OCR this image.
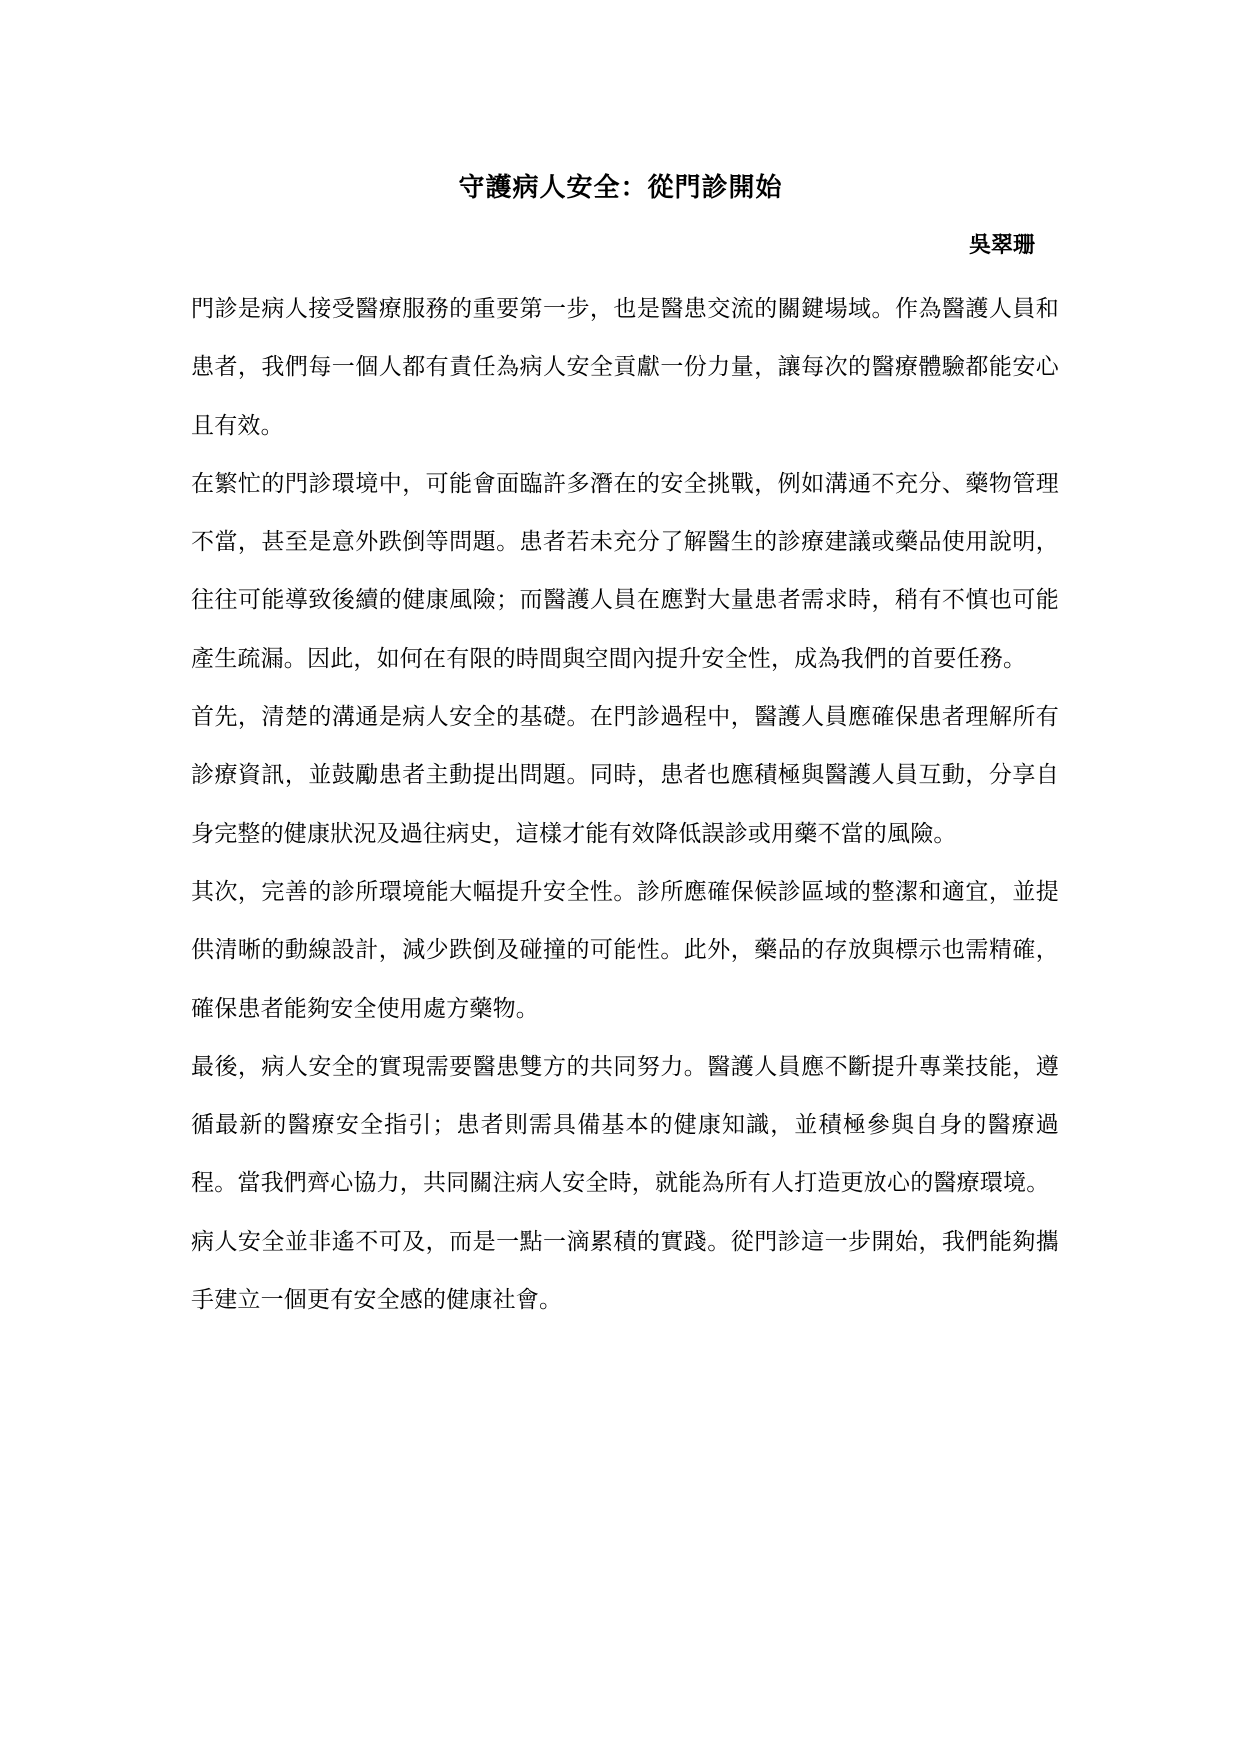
守護病人安全：從門診開始
吳翠珊

門診是病人接受醫療服務的重要第一步，也是醫患交流的關鍵場域。作為醫護人員和患者，我們每一個人都有責任為病人安全貢獻一份力量，讓每次的醫療體驗都能安心且有效。

在繁忙的門診環境中，可能會面臨許多潛在的安全挑戰，例如溝通不充分、藥物管理不當，甚至是意外跌倒等問題。患者若未充分了解醫生的診療建議或藥品使用說明，往往可能導致後續的健康風險；而醫護人員在應對大量患者需求時，稍有不慎也可能產生疏漏。因此，如何在有限的時間與空間內提升安全性，成為我們的首要任務。

首先，清楚的溝通是病人安全的基礎。在門診過程中，醫護人員應確保患者理解所有診療資訊，並鼓勵患者主動提出問題。同時，患者也應積極與醫護人員互動，分享自身完整的健康狀況及過往病史，這樣才能有效降低誤診或用藥不當的風險。

其次，完善的診所環境能大幅提升安全性。診所應確保候診區域的整潔和適宜，並提供清晰的動線設計，減少跌倒及碰撞的可能性。此外，藥品的存放與標示也需精確，確保患者能夠安全使用處方藥物。

最後，病人安全的實現需要醫患雙方的共同努力。醫護人員應不斷提升專業技能，遵循最新的醫療安全指引；患者則需具備基本的健康知識，並積極參與自身的醫療過程。當我們齊心協力，共同關注病人安全時，就能為所有人打造更放心的醫療環境。

病人安全並非遙不可及，而是一點一滴累積的實踐。從門診這一步開始，我們能夠攜手建立一個更有安全感的健康社會。
